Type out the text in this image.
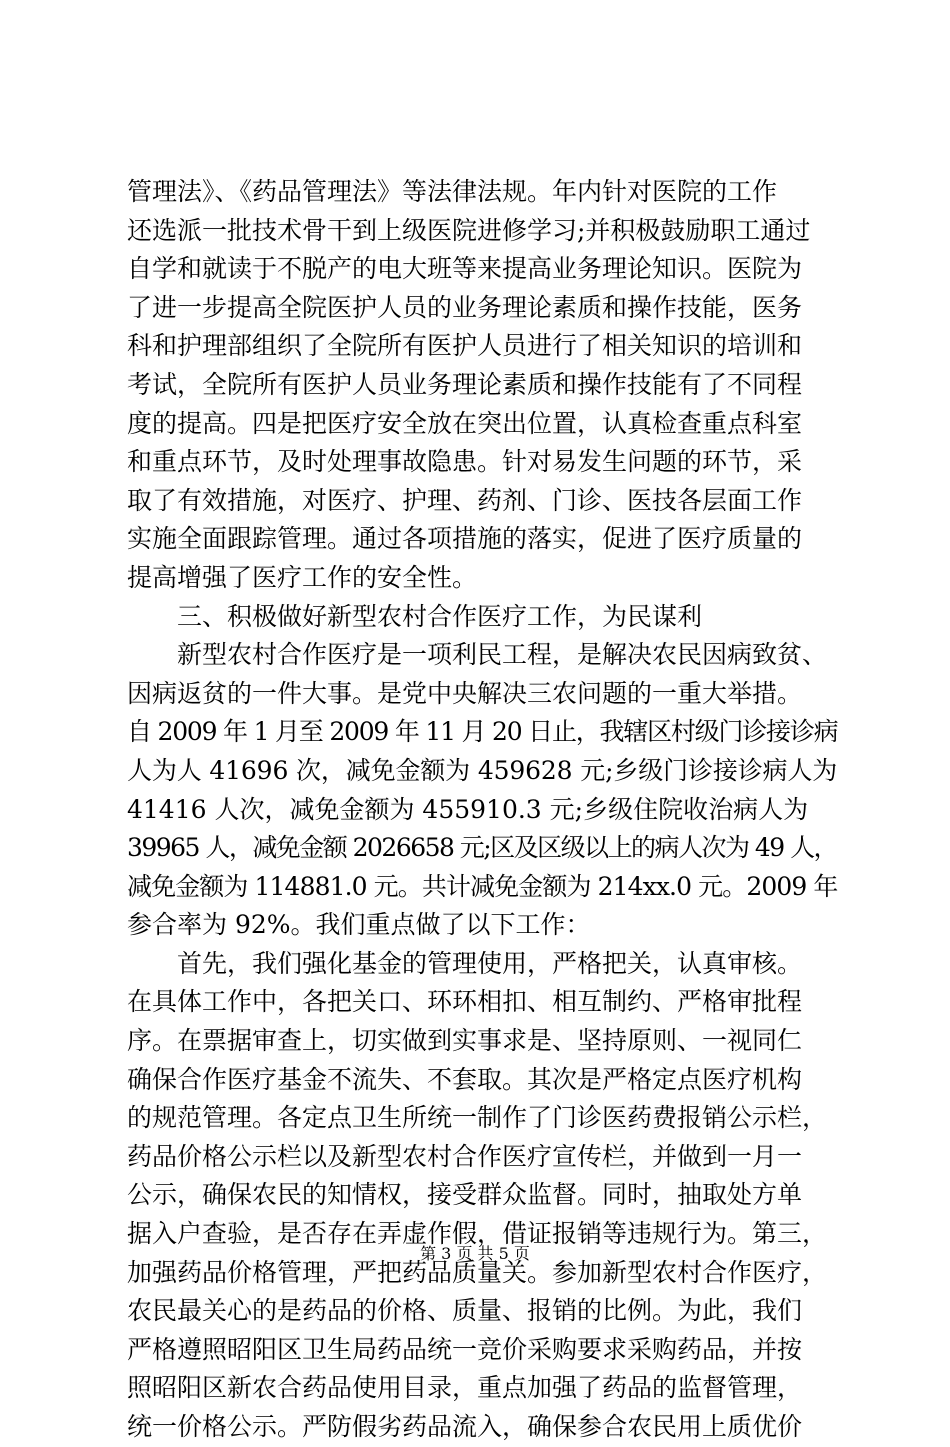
管理法》、《药品管理法》等法律法规。年内针对医院的工作
还选派一批技术骨干到上级医院进修学习;并积极鼓励职工通过
自学和就读于不脱产的电大班等来提高业务理论知识。医院为
了进一步提高全院医护人员的业务理论素质和操作技能，医务
科和护理部组织了全院所有医护人员进行了相关知识的培训和
考试，全院所有医护人员业务理论素质和操作技能有了不同程
度的提高。四是把医疗安全放在突出位置，认真检查重点科室
和重点环节，及时处理事故隐患。针对易发生问题的环节，采
取了有效措施，对医疗、护理、药剂、门诊、医技各层面工作
实施全面跟踪管理。通过各项措施的落实，促进了医疗质量的
提高增强了医疗工作的安全性。
　　三、积极做好新型农村合作医疗工作，为民谋利
　　新型农村合作医疗是一项利民工程，是解决农民因病致贫、
因病返贫的一件大事。是党中央解决三农问题的一重大举措。
自 2009 年 1 月至 2009 年 11 月 20 日止，我辖区村级门诊接诊病
人为人 41696 次，减免金额为 459628 元;乡级门诊接诊病人为
41416 人次，减免金额为 455910.3 元;乡级住院收治病人为
39965 人，减免金额 2026658 元;区及区级以上的病人次为 49 人，
减免金额为 114881.0 元。共计减免金额为 214xx.0 元。2009 年
参合率为 92%。我们重点做了以下工作：
　　首先，我们强化基金的管理使用，严格把关，认真审核。
在具体工作中，各把关口、环环相扣、相互制约、严格审批程
序。在票据审查上，切实做到实事求是、坚持原则、一视同仁
确保合作医疗基金不流失、不套取。其次是严格定点医疗机构
的规范管理。各定点卫生所统一制作了门诊医药费报销公示栏，
药品价格公示栏以及新型农村合作医疗宣传栏，并做到一月一
公示，确保农民的知情权，接受群众监督。同时，抽取处方单
据入户查验，是否存在弄虚作假，借证报销等违规行为。第三，
加强药品价格管理，严把药品质量关。参加新型农村合作医疗，
农民最关心的是药品的价格、质量、报销的比例。为此，我们
严格遵照昭阳区卫生局药品统一竞价采购要求采购药品，并按
照昭阳区新农合药品使用目录，重点加强了药品的监督管理，
统一价格公示。严防假劣药品流入，确保参合农民用上质优价
第 3 页 共 5 页
